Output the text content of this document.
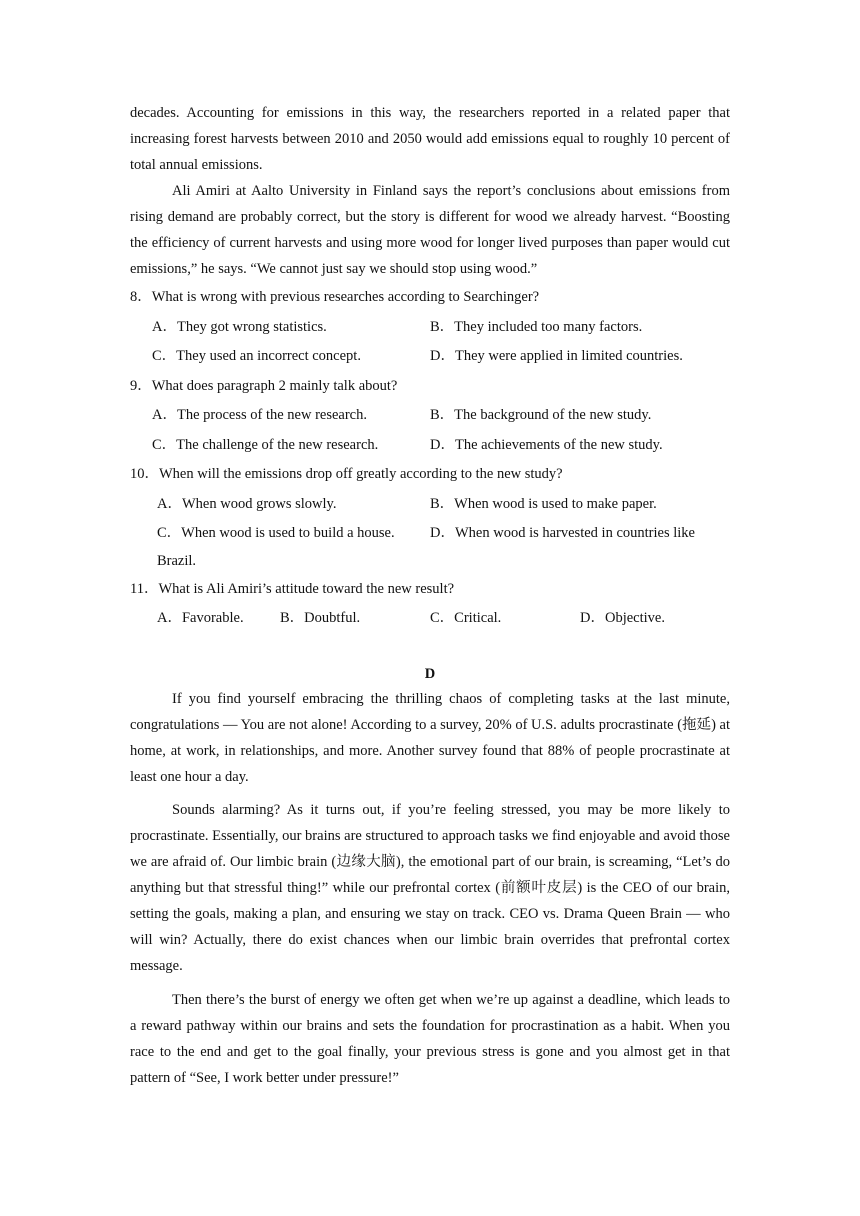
decades. Accounting for emissions in this way, the researchers reported in a related paper that increasing forest harvests between 2010 and 2050 would add emissions equal to roughly 10 percent of total annual emissions.

Ali Amiri at Aalto University in Finland says the report’s conclusions about emissions from rising demand are probably correct, but the story is different for wood we already harvest. “Boosting the efficiency of current harvests and using more wood for longer lived purposes than paper would cut emissions,” he says. “We cannot just say we should stop using wood.”

8．What is wrong with previous researches according to Searchinger?
A．They got wrong statistics.	B．They included too many factors.
C．They used an incorrect concept.	D．They were applied in limited countries.
9．What does paragraph 2 mainly talk about?
A．The process of the new research.	B．The background of the new study.
C．The challenge of the new research.	D．The achievements of the new study.
10．When will the emissions drop off greatly according to the new study?
A．When wood grows slowly.	B．When wood is used to make paper.
C．When wood is used to build a house. D．When wood is harvested in countries like
Brazil.
11．What is Ali Amiri’s attitude toward the new result?
A．Favorable.	B．Doubtful.	C．Critical.	D．Objective.
D

If you find yourself embracing the thrilling chaos of completing tasks at the last minute, congratulations — You are not alone! According to a survey, 20% of U.S. adults procrastinate (拖延) at home, at work, in relationships, and more. Another survey found that 88% of people procrastinate at least one hour a day.

Sounds alarming? As it turns out, if you’re feeling stressed, you may be more likely to procrastinate. Essentially, our brains are structured to approach tasks we find enjoyable and avoid those we are afraid of. Our limbic brain (边缘大脑), the emotional part of our brain, is screaming, “Let’s do anything but that stressful thing!” while our prefrontal cortex (前额叶皮层) is the CEO of our brain, setting the goals, making a plan, and ensuring we stay on track. CEO vs. Drama Queen Brain — who will win? Actually, there do exist chances when our limbic brain overrides that prefrontal cortex message.

Then there’s the burst of energy we often get when we’re up against a deadline, which leads to a reward pathway within our brains and sets the foundation for procrastination as a habit. When you race to the end and get to the goal finally, your previous stress is gone and you almost get in that pattern of “See, I work better under pressure!”
